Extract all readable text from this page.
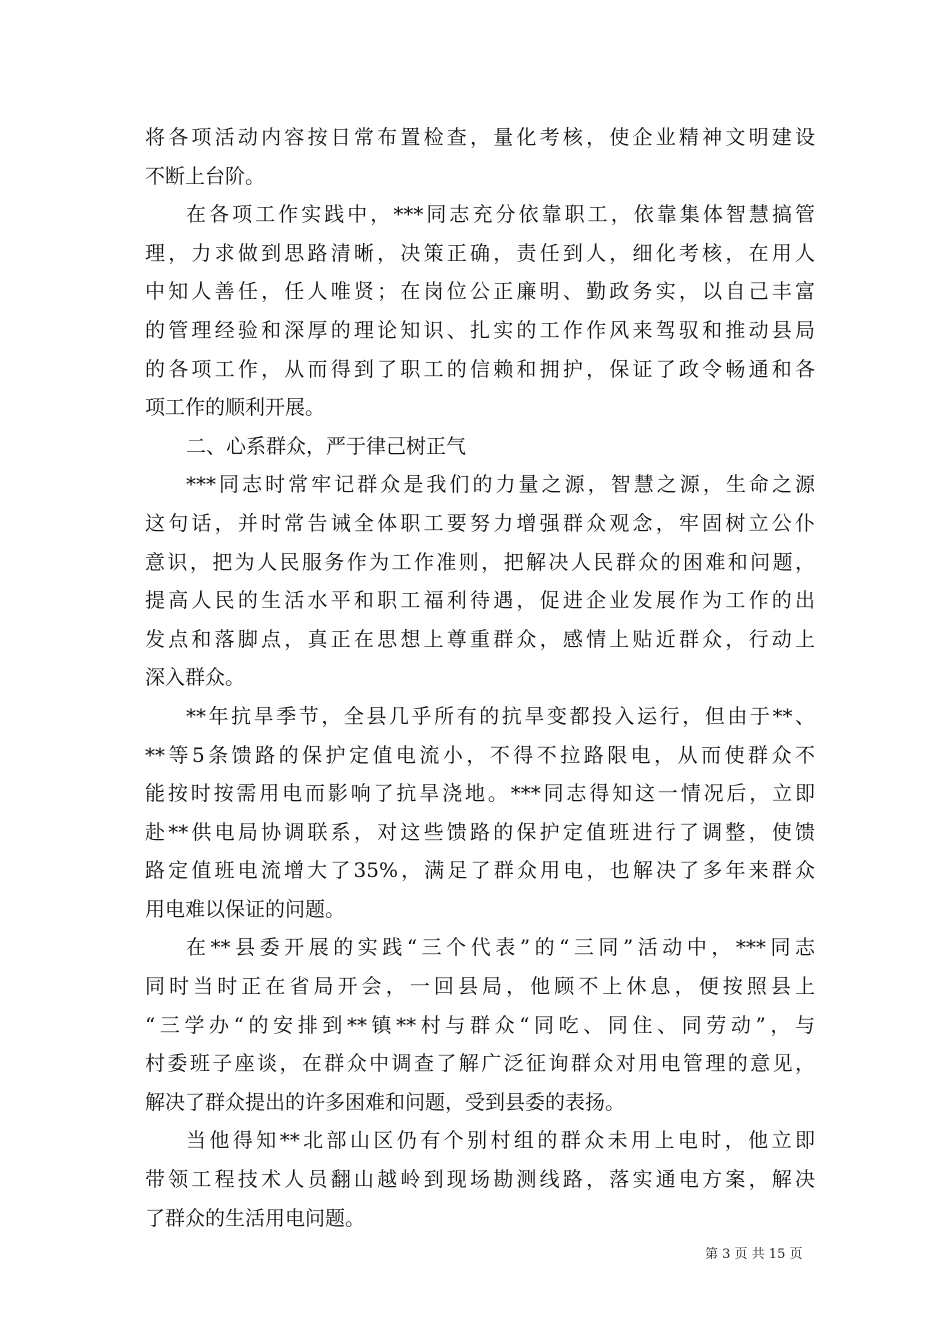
将各项活动内容按日常布置检查，量化考核，使企业精神文明建设
不断上台阶。
在各项工作实践中，***同志充分依靠职工，依靠集体智慧搞管
理，力求做到思路清晰，决策正确，责任到人，细化考核，在用人
中知人善任，任人唯贤；在岗位公正廉明、勤政务实，以自己丰富
的管理经验和深厚的理论知识、扎实的工作作风来驾驭和推动县局
的各项工作，从而得到了职工的信赖和拥护，保证了政令畅通和各
项工作的顺利开展。
二、心系群众，严于律己树正气
***同志时常牢记群众是我们的力量之源，智慧之源，生命之源
这句话，并时常告诫全体职工要努力增强群众观念，牢固树立公仆
意识，把为人民服务作为工作准则，把解决人民群众的困难和问题，
提高人民的生活水平和职工福利待遇，促进企业发展作为工作的出
发点和落脚点，真正在思想上尊重群众，感情上贴近群众，行动上
深入群众。
**年抗旱季节，全县几乎所有的抗旱变都投入运行，但由于**、
**等5条馈路的保护定值电流小，不得不拉路限电，从而使群众不
能按时按需用电而影响了抗旱浇地。***同志得知这一情况后，立即
赴**供电局协调联系，对这些馈路的保护定值班进行了调整，使馈
路定值班电流增大了35%，满足了群众用电，也解决了多年来群众
用电难以保证的问题。
在**县委开展的实践“三个代表”的“三同”活动中，***同志
同时当时正在省局开会，一回县局，他顾不上休息，便按照县上
“三学办“的安排到**镇**村与群众“同吃、同住、同劳动”，与
村委班子座谈，在群众中调查了解广泛征询群众对用电管理的意见，
解决了群众提出的许多困难和问题，受到县委的表扬。
当他得知**北部山区仍有个别村组的群众未用上电时，他立即
带领工程技术人员翻山越岭到现场勘测线路，落实通电方案，解决
了群众的生活用电问题。
第 3 页 共 15 页
